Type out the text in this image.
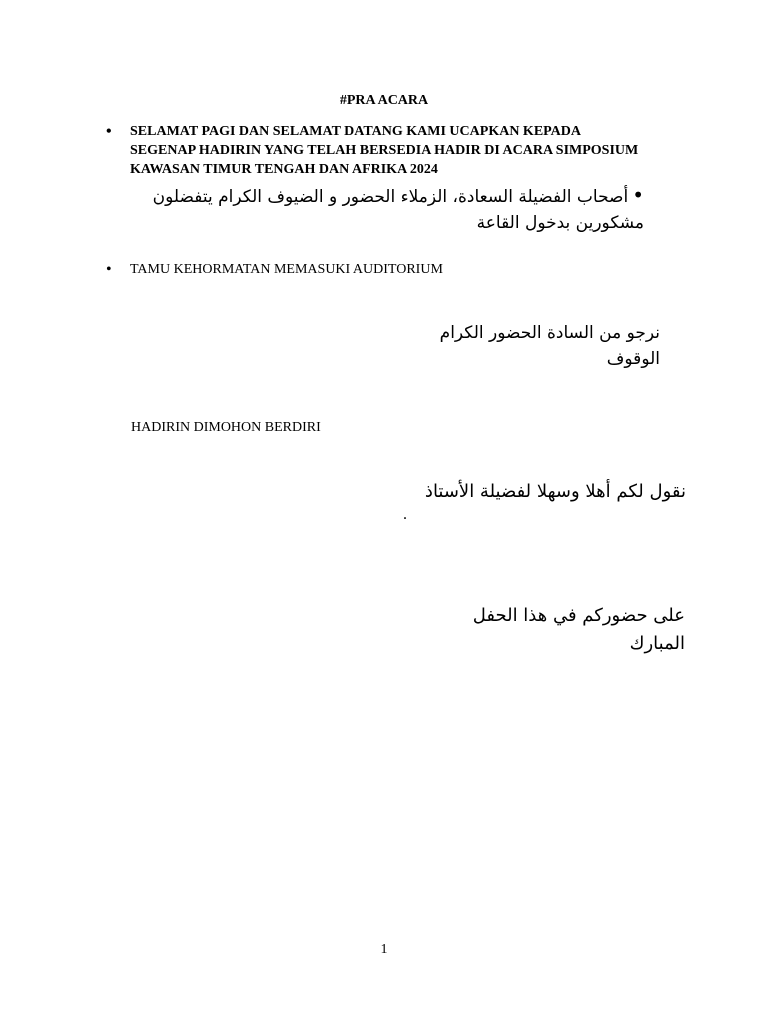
#PRA ACARA
• SELAMAT PAGI DAN SELAMAT DATANG KAMI UCAPKAN KEPADA SEGENAP HADIRIN YANG TELAH BERSEDIA HADIR DI ACARA SIMPOSIUM KAWASAN TIMUR TENGAH DAN AFRIKA 2024
•أصحاب الفضيلة السعادة، الزملاء الحضور و الضيوف الكرام يتفضلون مشكورين بدخول القاعة
• TAMU KEHORMATAN MEMASUKI AUDITORIUM
نرجو من السادة الحضور الكرام الوقوف
HADIRIN DIMOHON BERDIRI
نقول لكم أهلا وسهلا لفضيلة الأستاذ
.
على حضوركم في هذا الحفل المبارك
1
